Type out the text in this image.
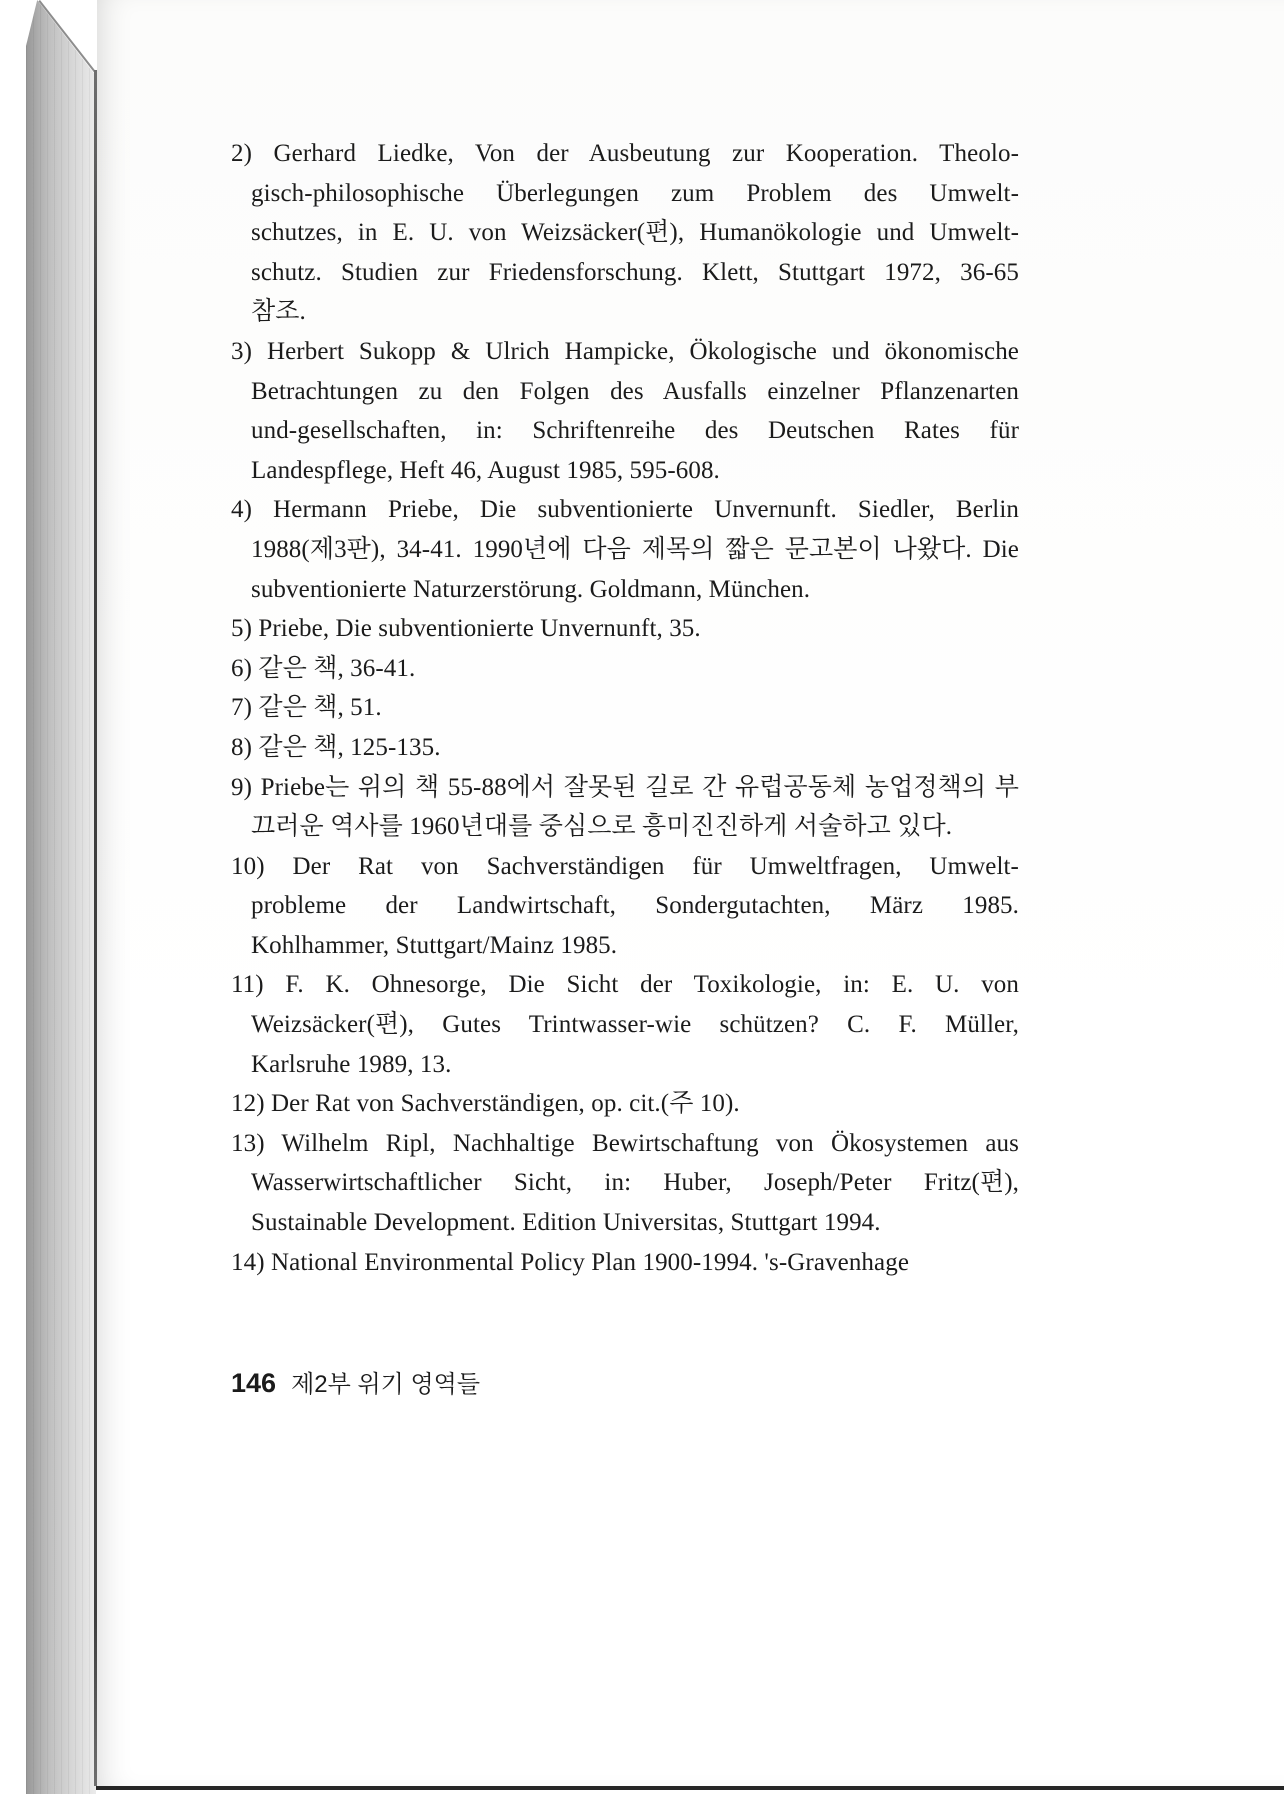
2) Gerhard Liedke, Von der Ausbeutung zur Kooperation. Theolo-
gisch-philosophische Überlegungen zum Problem des Umwelt-
schutzes, in E. U. von Weizsäcker(편), Humanökologie und Umwelt-
schutz. Studien zur Friedensforschung. Klett, Stuttgart 1972, 36-65
참조.
3) Herbert Sukopp & Ulrich Hampicke, Ökologische und ökonomische
Betrachtungen zu den Folgen des Ausfalls einzelner Pflanzenarten
und-gesellschaften, in: Schriftenreihe des Deutschen Rates für
Landespflege, Heft 46, August 1985, 595-608.
4) Hermann Priebe, Die subventionierte Unvernunft. Siedler, Berlin
1988(제3판), 34-41. 1990년에 다음 제목의 짧은 문고본이 나왔다. Die
subventionierte Naturzerstörung. Goldmann, München.
5) Priebe, Die subventionierte Unvernunft, 35.
6) 같은 책, 36-41.
7) 같은 책, 51.
8) 같은 책, 125-135.
9) Priebe는 위의 책 55-88에서 잘못된 길로 간 유럽공동체 농업정책의 부
끄러운 역사를 1960년대를 중심으로 흥미진진하게 서술하고 있다.
10) Der Rat von Sachverständigen für Umweltfragen, Umwelt-
probleme der Landwirtschaft, Sondergutachten, März 1985.
Kohlhammer, Stuttgart/Mainz 1985.
11) F. K. Ohnesorge, Die Sicht der Toxikologie, in: E. U. von
Weizsäcker(편), Gutes Trintwasser-wie schützen? C. F. Müller,
Karlsruhe 1989, 13.
12) Der Rat von Sachverständigen, op. cit.(주 10).
13) Wilhelm Ripl, Nachhaltige Bewirtschaftung von Ökosystemen aus
Wasserwirtschaftlicher Sicht, in: Huber, Joseph/Peter Fritz(편),
Sustainable Development. Edition Universitas, Stuttgart 1994.
14) National Environmental Policy Plan 1900-1994. 's-Gravenhage
146 제2부 위기 영역들
